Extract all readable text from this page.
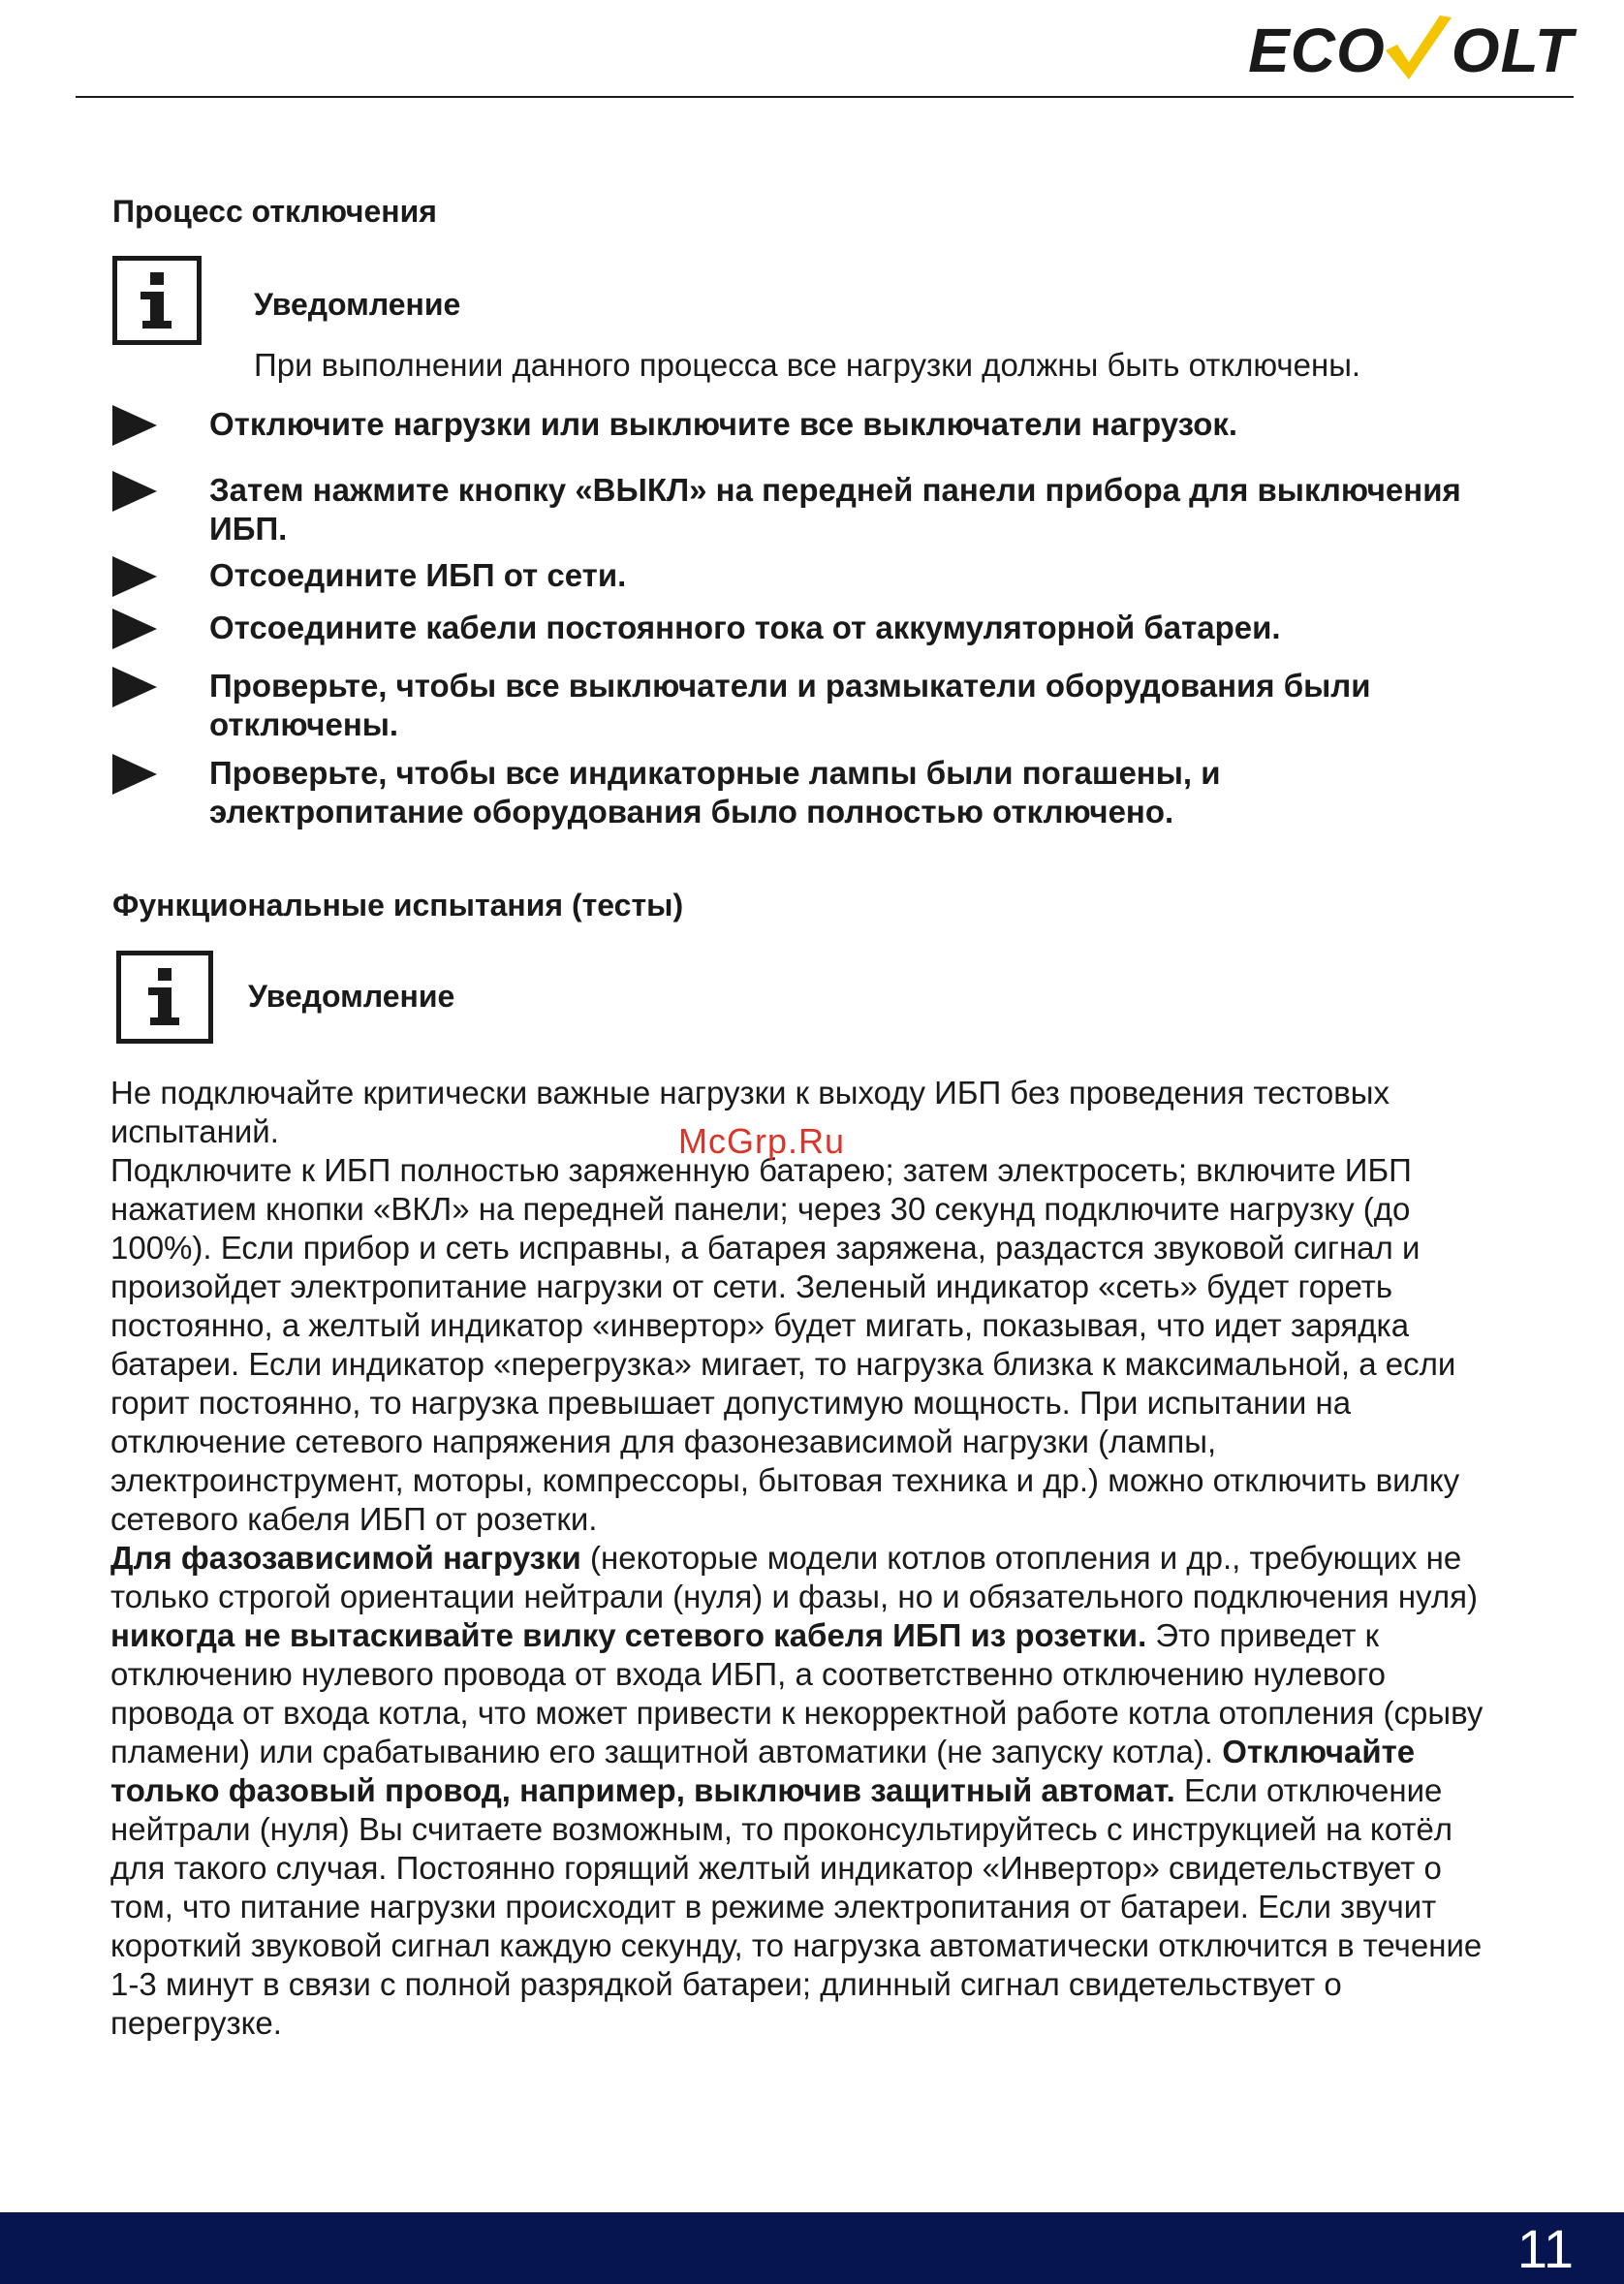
ECO OLT
Процесс отключения

Уведомление

При выполнении данного процесса все нагрузки должны быть отключены.

Отключите нагрузки или выключите все выключатели нагрузок.
Затем нажмите кнопку «ВЫКЛ» на передней панели прибора для выключения ИБП.
Отсоедините ИБП от сети.
Отсоедините кабели постоянного тока от аккумуляторной батареи.
Проверьте, чтобы все выключатели и размыкатели оборудования были отключены.
Проверьте, чтобы все индикаторные лампы были погашены, и электропитание оборудования было полностью отключено.
Функциональные испытания (тесты)

Уведомление

Не подключайте критически важные нагрузки к выходу ИБП без проведения тестовых испытаний.
Подключите к ИБП полностью заряженную батарею; затем электросеть; включите ИБП нажатием кнопки «ВКЛ» на передней панели; через 30 секунд подключите нагрузку (до 100%). Если прибор и сеть исправны, а батарея заряжена, раздастся звуковой сигнал и произойдет электропитание нагрузки от сети. Зеленый индикатор «сеть» будет гореть постоянно, а желтый индикатор «инвертор» будет мигать, показывая, что идет зарядка батареи. Если индикатор «перегрузка» мигает, то нагрузка близка к максимальной, а если горит постоянно, то нагрузка превышает допустимую мощность. При испытании на отключение сетевого напряжения для фазонезависимой нагрузки (лампы, электроинструмент, моторы, компрессоры, бытовая техника и др.) можно отключить вилку сетевого кабеля ИБП от розетки.
Для фазозависимой нагрузки (некоторые модели котлов отопления и др., требующих не только строгой ориентации нейтрали (нуля) и фазы, но и обязательного подключения нуля) никогда не вытаскивайте вилку сетевого кабеля ИБП из розетки. Это приведет к отключению нулевого провода от входа ИБП, а соответственно отключению нулевого провода от входа котла, что может привести к некорректной работе котла отопления (срыву пламени) или срабатыванию его защитной автоматики (не запуску котла). Отключайте только фазовый провод, например, выключив защитный автомат. Если отключение нейтрали (нуля) Вы считаете возможным, то проконсультируйтесь с инструкцией на котёл для такого случая. Постоянно горящий желтый индикатор «Инвертор» свидетельствует о том, что питание нагрузки происходит в режиме электропитания от батареи. Если звучит короткий звуковой сигнал каждую секунду, то нагрузка автоматически отключится в течение 1-3 минут в связи с полной разрядкой батареи; длинный сигнал свидетельствует о перегрузке.
McGrp.Ru
11
